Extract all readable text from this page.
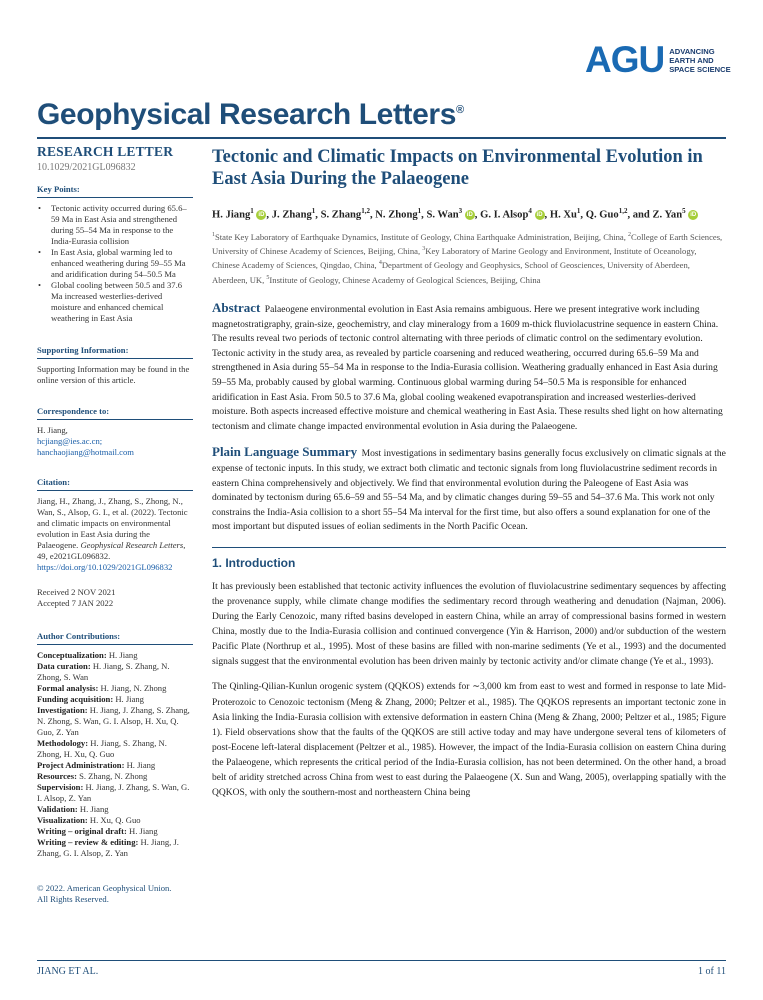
AGU ADVANCING
EARTH AND
SPACE SCIENCE
Geophysical Research Letters®
RESEARCH LETTER
10.1029/2021GL096832
Key Points:
• Tectonic activity occurred during 65.6–59 Ma in East Asia and strengthened during 55–54 Ma in response to the India-Eurasia collision
• In East Asia, global warming led to enhanced weathering during 59–55 Ma and aridification during 54–50.5 Ma
• Global cooling between 50.5 and 37.6 Ma increased westerlies-derived moisture and enhanced chemical weathering in East Asia
Supporting Information:
Supporting Information may be found in the online version of this article.
Correspondence to:
H. Jiang,
hcjiang@ies.ac.cn;
hanchaojiang@hotmail.com
Citation:
Jiang, H., Zhang, J., Zhang, S., Zhong, N., Wan, S., Alsop, G. I., et al. (2022). Tectonic and climatic impacts on environmental evolution in East Asia during the Palaeogene. Geophysical Research Letters, 49, e2021GL096832.
https://doi.org/10.1029/2021GL096832
Received 2 NOV 2021
Accepted 7 JAN 2022
Author Contributions:
Conceptualization: H. Jiang
Data curation: H. Jiang, S. Zhang, N. Zhong, S. Wan
Formal analysis: H. Jiang, N. Zhong
Funding acquisition: H. Jiang
Investigation: H. Jiang, J. Zhang, S. Zhang, N. Zhong, S. Wan, G. I. Alsop, H. Xu, Q. Guo, Z. Yan
Methodology: H. Jiang, S. Zhang, N. Zhong, H. Xu, Q. Guo
Project Administration: H. Jiang
Resources: S. Zhang, N. Zhong
Supervision: H. Jiang, J. Zhang, S. Wan, G. I. Alsop, Z. Yan
Validation: H. Jiang
Visualization: H. Xu, Q. Guo
Writing – original draft: H. Jiang
Writing – review & editing: H. Jiang, J. Zhang, G. I. Alsop, Z. Yan
© 2022. American Geophysical Union.
All Rights Reserved.
Tectonic and Climatic Impacts on Environmental Evolution in East Asia During the Palaeogene
H. Jiang$^1$ iD , J. Zhang$^1$, S. Zhang$^{1,2}$, N. Zhong$^1$, S. Wan$^3$ iD , G. I. Alsop$^4$ iD , H. Xu$^1$, Q. Guo$^{1,2}$, and Z. Yan$^5$ iD
$^1$State Key Laboratory of Earthquake Dynamics, Institute of Geology, China Earthquake Administration, Beijing, China, $^2$College of Earth Sciences, University of Chinese Academy of Sciences, Beijing, China, $^3$Key Laboratory of Marine Geology and Environment, Institute of Oceanology, Chinese Academy of Sciences, Qingdao, China, $^4$Department of Geology and Geophysics, School of Geosciences, University of Aberdeen, Aberdeen, UK, $^5$Institute of Geology, Chinese Academy of Geological Sciences, Beijing, China
Abstract Palaeogene environmental evolution in East Asia remains ambiguous. Here we present integrative work including magnetostratigraphy, grain-size, geochemistry, and clay mineralogy from a 1609 m-thick fluviolacustrine sequence in eastern China. The results reveal two periods of tectonic control alternating with three periods of climatic control on the sedimentary evolution. Tectonic activity in the study area, as revealed by particle coarsening and reduced weathering, occurred during 65.6–59 Ma and strengthened in Asia during 55–54 Ma in response to the India-Eurasia collision. Weathering gradually enhanced in East Asia during 59–55 Ma, probably caused by global warming. Continuous global warming during 54–50.5 Ma is responsible for enhanced aridification in East Asia. From 50.5 to 37.6 Ma, global cooling weakened evapotranspiration and increased westerlies-derived moisture. Both aspects increased effective moisture and chemical weathering in East Asia. These results shed light on how alternating tectonism and climate change impacted environmental evolution in Asia during the Palaeogene.
Plain Language Summary Most investigations in sedimentary basins generally focus exclusively on climatic signals at the expense of tectonic inputs. In this study, we extract both climatic and tectonic signals from long fluviolacustrine sediment records in eastern China comprehensively and objectively. We find that environmental evolution during the Paleogene of East Asia was dominated by tectonism during 65.6–59 and 55–54 Ma, and by climatic changes during 59–55 and 54–37.6 Ma. This work not only constrains the India-Asia collision to a short 55–54 Ma interval for the first time, but also offers a sound explanation for one of the most important but disputed issues of eolian sediments in the North Pacific Ocean.
1. Introduction
It has previously been established that tectonic activity influences the evolution of fluviolacustrine sedimentary sequences by affecting the provenance supply, while climate change modifies the sedimentary record through weathering and denudation (Najman, 2006). During the Early Cenozoic, many rifted basins developed in eastern China, while an array of compressional basins formed in western China, mostly due to the India-Eurasia collision and continued convergence (Yin & Harrison, 2000) and/or subduction of the western Pacific Plate (Northrup et al., 1995). Most of these basins are filled with non-marine sediments (Ye et al., 1993) and the documented signals suggest that the environmental evolution has been driven mainly by tectonic activity and/or climate change (Ye et al., 1993).
The Qinling-Qilian-Kunlun orogenic system (QQKOS) extends for ∼3,000 km from east to west and formed in response to late Mid-Proterozoic to Cenozoic tectonism (Meng & Zhang, 2000; Peltzer et al., 1985). The QQKOS represents an important tectonic zone in Asia linking the India-Eurasia collision with extensive deformation in eastern China (Meng & Zhang, 2000; Peltzer et al., 1985; Figure 1). Field observations show that the faults of the QQKOS are still active today and may have undergone several tens of kilometers of post-Eocene left-lateral displacement (Peltzer et al., 1985). However, the impact of the India-Eurasia collision on eastern China during the Palaeogene, which represents the critical period of the India-Eurasia collision, has not been determined. On the other hand, a broad belt of aridity stretched across China from west to east during the Palaeogene (X. Sun and Wang, 2005), overlapping spatially with the QQKOS, with only the southern-most and northeastern China being
JIANG ET AL.	1 of 11
